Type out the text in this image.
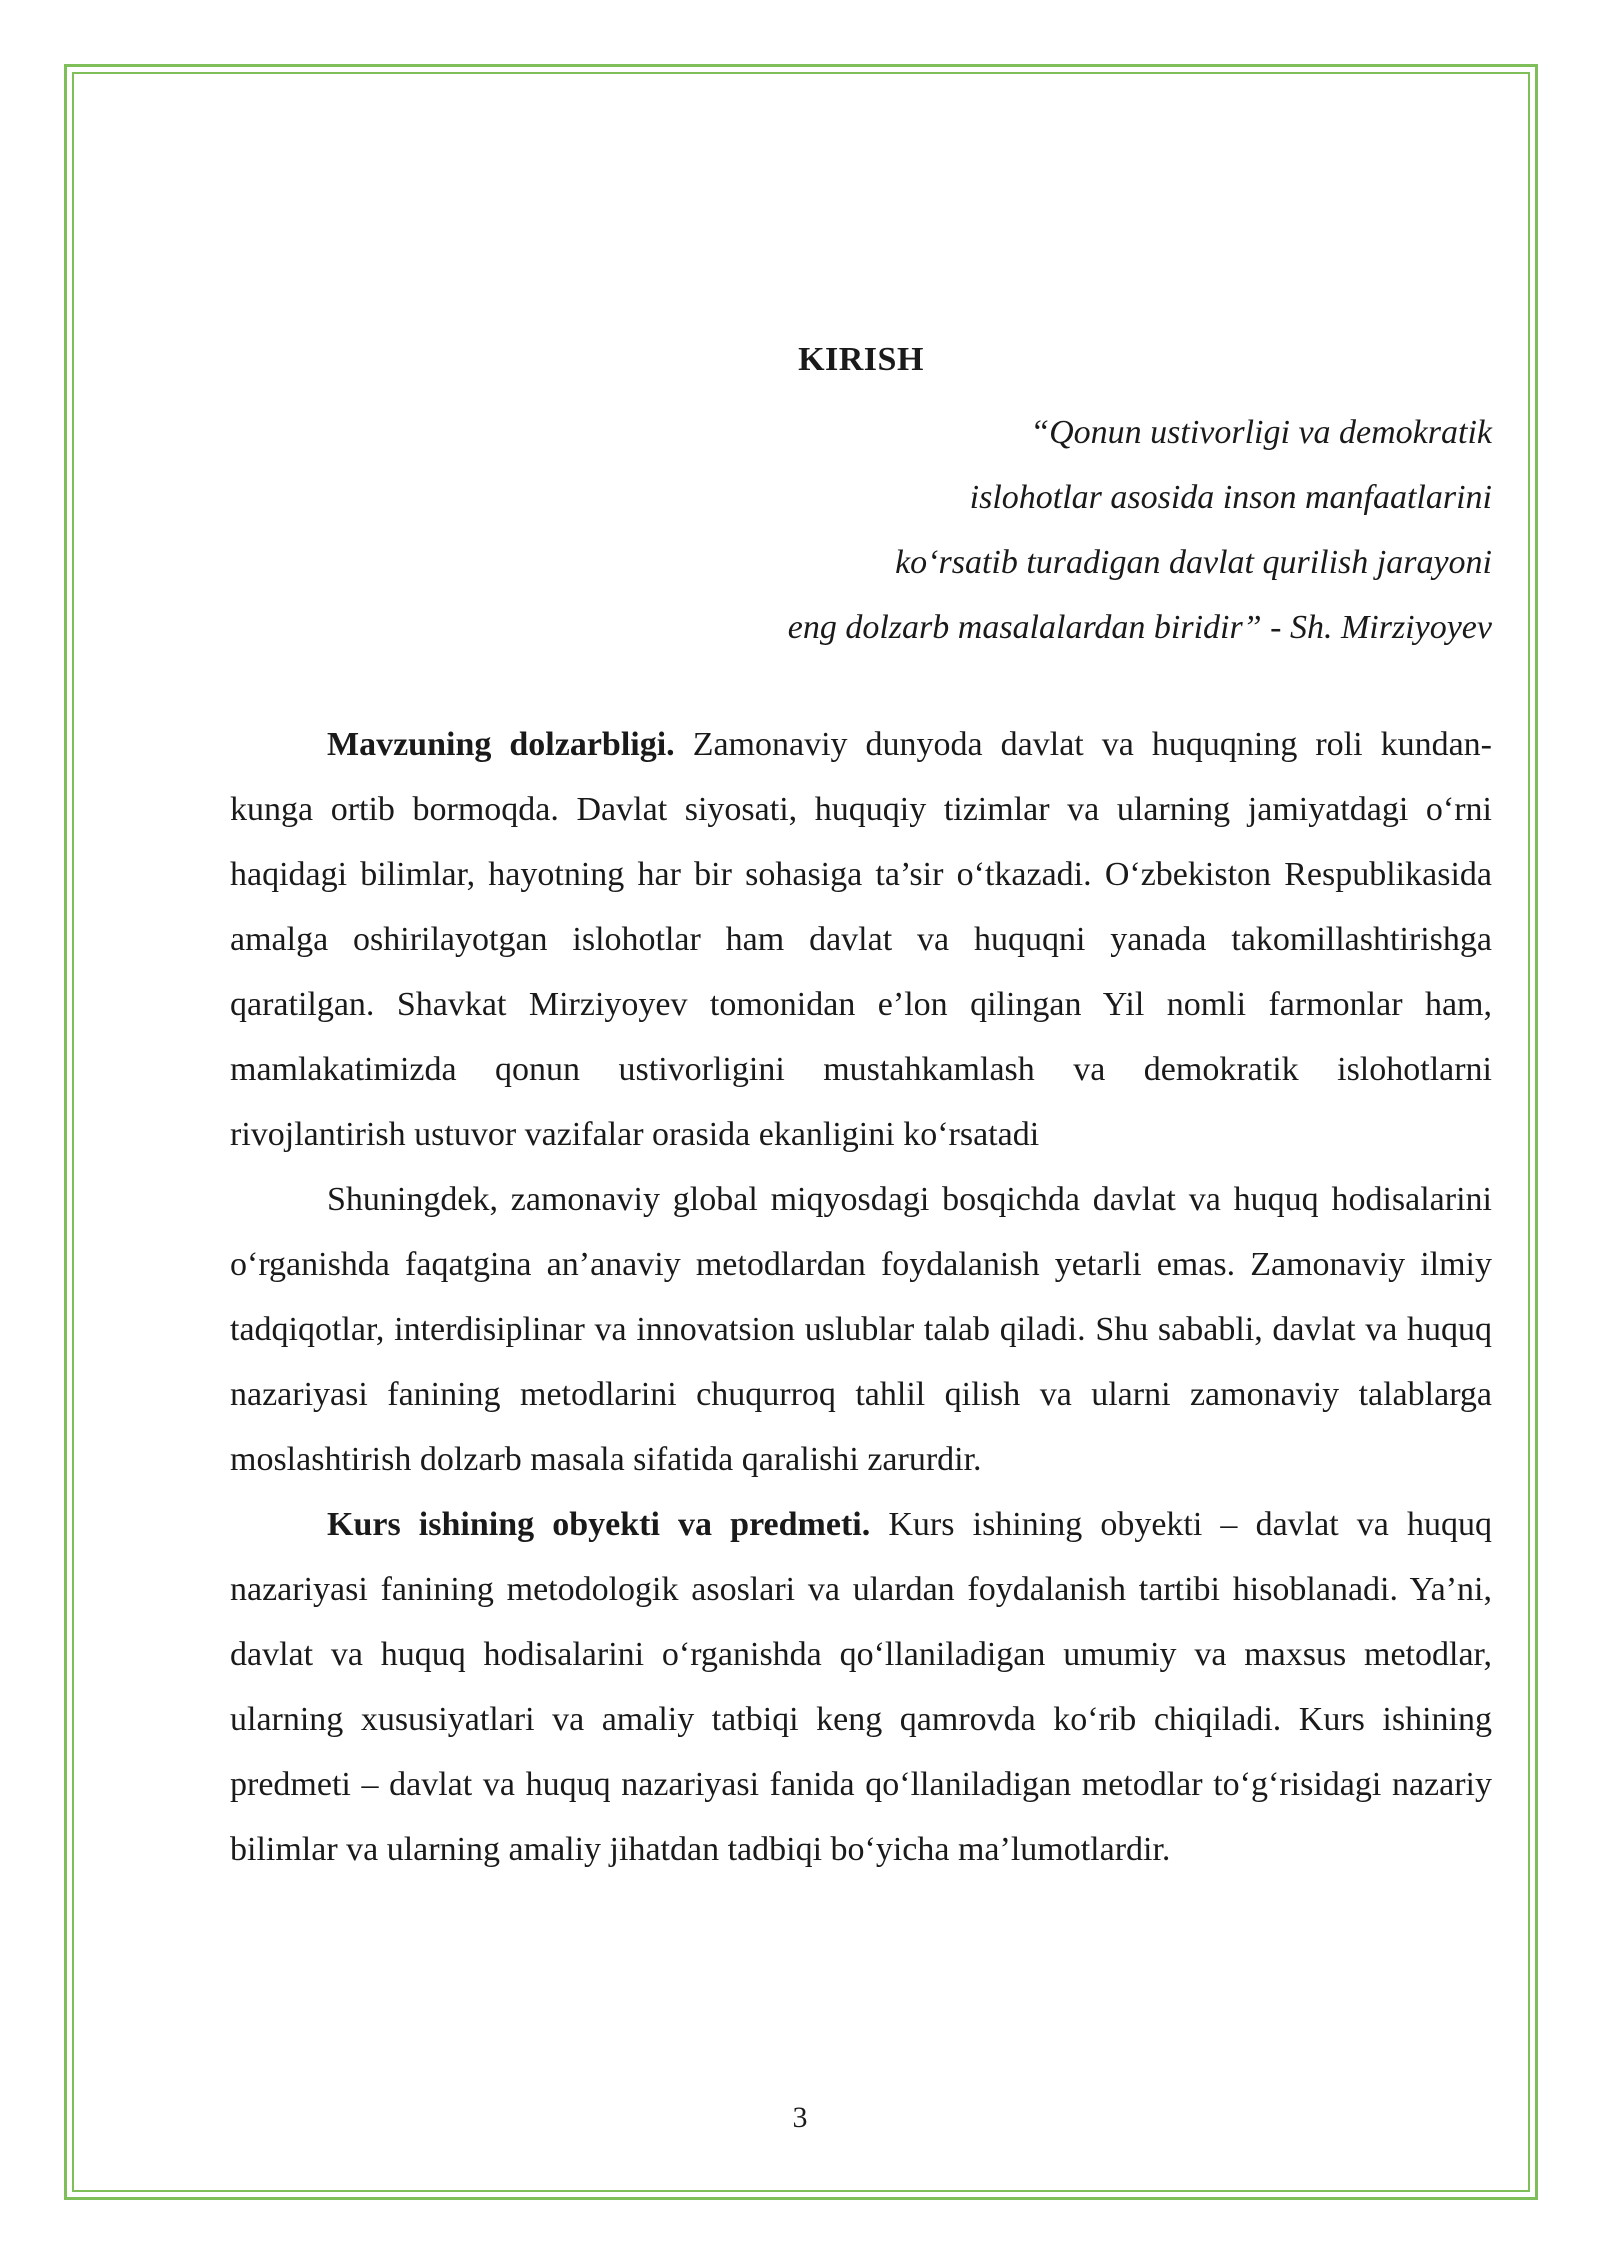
KIRISH
“Qonun ustivorligi va demokratik
islohotlar asosida inson manfaatlarini
ko‘rsatib turadigan davlat qurilish jarayoni
eng dolzarb masalalardan biridir” - Sh. Mirziyoyev

Mavzuning dolzarbligi. Zamonaviy dunyoda davlat va huquqning roli kundan-kunga ortib bormoqda. Davlat siyosati, huquqiy tizimlar va ularning jamiyatdagi o‘rni haqidagi bilimlar, hayotning har bir sohasiga ta’sir o‘tkazadi. O‘zbekiston Respublikasida amalga oshirilayotgan islohotlar ham davlat va huquqni yanada takomillashtirishga qaratilgan. Shavkat Mirziyoyev tomonidan e’lon qilingan Yil nomli farmonlar ham, mamlakatimizda qonun ustivorligini mustahkamlash va demokratik islohotlarni rivojlantirish ustuvor vazifalar orasida ekanligini ko‘rsatadi

Shuningdek, zamonaviy global miqyosdagi bosqichda davlat va huquq hodisalarini o‘rganishda faqatgina an’anaviy metodlardan foydalanish yetarli emas. Zamonaviy ilmiy tadqiqotlar, interdisiplinar va innovatsion uslublar talab qiladi. Shu sababli, davlat va huquq nazariyasi fanining metodlarini chuqurroq tahlil qilish va ularni zamonaviy talablarga moslashtirish dolzarb masala sifatida qaralishi zarurdir.

Kurs ishining obyekti va predmeti. Kurs ishining obyekti – davlat va huquq nazariyasi fanining metodologik asoslari va ulardan foydalanish tartibi hisoblanadi. Ya’ni, davlat va huquq hodisalarini o‘rganishda qo‘llaniladigan umumiy va maxsus metodlar, ularning xususiyatlari va amaliy tatbiqi keng qamrovda ko‘rib chiqiladi. Kurs ishining predmeti – davlat va huquq nazariyasi fanida qo‘llaniladigan metodlar to‘g‘risidagi nazariy bilimlar va ularning amaliy jihatdan tadbiqi bo‘yicha ma’lumotlardir.

3
